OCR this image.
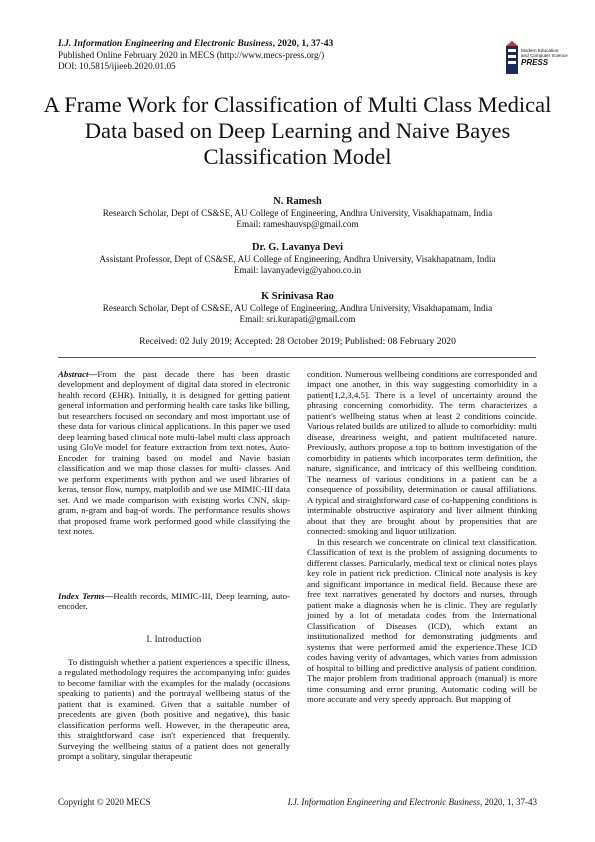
I.J. Information Engineering and Electronic Business, 2020, 1, 37-43
Published Online February 2020 in MECS (http://www.mecs-press.org/)
DOI: 10.5815/ijieeb.2020.01.05
Modern Education
and Computer Science
PRESS
A Frame Work for Classification of Multi Class Medical Data based on Deep Learning and Naive Bayes Classification Model
N. Ramesh
Research Scholar, Dept of CS&SE, AU College of Engineering, Andhra University, Visakhapatnam, India
Email: rameshauvsp@gmail.com
Dr. G. Lavanya Devi
Assistant Professor, Dept of CS&SE, AU College of Engineering, Andhra University, Visakhapatnam, India
Email: lavanyadevig@yahoo.co.in
K Srinivasa Rao
Research Scholar, Dept of CS&SE, AU College of Engineering, Andhra University, Visakhapatnam, India
Email: sri.kurapati@gmail.com
Received: 02 July 2019; Accepted: 28 October 2019; Published: 08 February 2020

Abstract—From the past decade there has been drastic development and deployment of digital data stored in electronic health record (EHR). Initially, it is designed for getting patient general information and performing health care tasks like billing, but researchers focused on secondary and most important use of these data for various clinical applications. In this paper we used deep learning based clinical note multi-label multi class approach using GloVe model for feature extraction from text notes, Auto-Encoder for training based on model and Navie basian classification and we map those classes for multi- classes. And we perform experiments with python and we used libraries of keras, tensor flow, numpy, matplotlib and we use MIMIC-III data set. And we made comparison with existing works CNN, skip-gram, n-gram and bag-of words. The performance results shows that proposed frame work performed good while classifying the text notes.

Index Terms—Health records, MIMIC-III, Deep learning, auto-encoder.

I. Introduction

To distinguish whether a patient experiences a specific illness, a regulated methodology requires the accompanying info: guides to become familiar with the examples for the malady (occasions speaking to patients) and the portrayal wellbeing status of the patient that is examined. Given that a suitable number of precedents are given (both positive and negative), this basic classification performs well. However, in the therapeutic area, this straightforward case isn't experienced that frequently. Surveying the wellbeing status of a patient does not generally prompt a solitary, singular therapeutic

condition. Numerous wellbeing conditions are corresponded and impact one another, in this way suggesting comorbidity in a patient[1,2,3,4,5]. There is a level of uncertainty around the phrasing concerning comorbidity. The term characterizes a patient's wellbeing status when at least 2 conditions coincide. Various related builds are utilized to allude to comorbidity: multi disease, dreariness weight, and patient multifaceted nature. Previously, authors propose a top to bottom investigation of the comorbidity in patients which incorporates term definition, the nature, significance, and intricacy of this wellbeing condition. The nearness of various conditions in a patient can be a consequence of possibility, determination or causal affiliations. A typical and straightforward case of co-happening conditions is interminable obstructive aspiratory and liver ailment thinking about that they are brought about by propensities that are connected: smoking and liquor utilization.

In this research we concentrate on clinical text classification. Classification of text is the problem of assigning documents to different classes. Particularly, medical text or clinical notes plays key role in patient rick prediction. Clinical note analysis is key and significant importance in medical field. Because these are free text narratives generated by doctors and nurses, through patient make a diagnosis when he is clinic. They are regularly joined by a lot of metadata codes from the International Classification of Diseases (ICD), which extant an institutionalized method for demonstrating judgments and systems that were performed amid the experience.These ICD codes having verity of advantages, which varies from admission of hospital to billing and predictive analysis of patient condition. The major problem from traditional approach (manual) is more time consuming and error pruning. Automatic coding will be more accurate and very speedy approach. But mapping of

Copyright © 2020 MECS	I.J. Information Engineering and Electronic Business, 2020, 1, 37-43
